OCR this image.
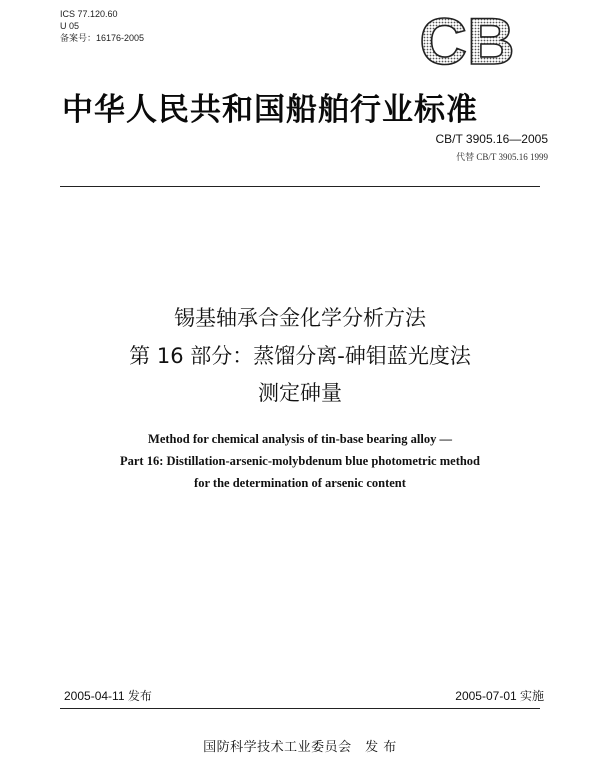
ICS 77.120.60
U 05
备案号：16176-2005	CB
中华人民共和国船舶行业标准
CB/T 3905.16—2005
代替 CB/T 3905.16 1999
锡基轴承合金化学分析方法
第 16 部分：蒸馏分离-砷钼蓝光度法
测定砷量
Method for chemical analysis of tin-base bearing alloy —
Part 16: Distillation-arsenic-molybdenum blue photometric method
for the determination of arsenic content
2005-04-11 发布	2005-07-01 实施
国防科学技术工业委员会　发 布
